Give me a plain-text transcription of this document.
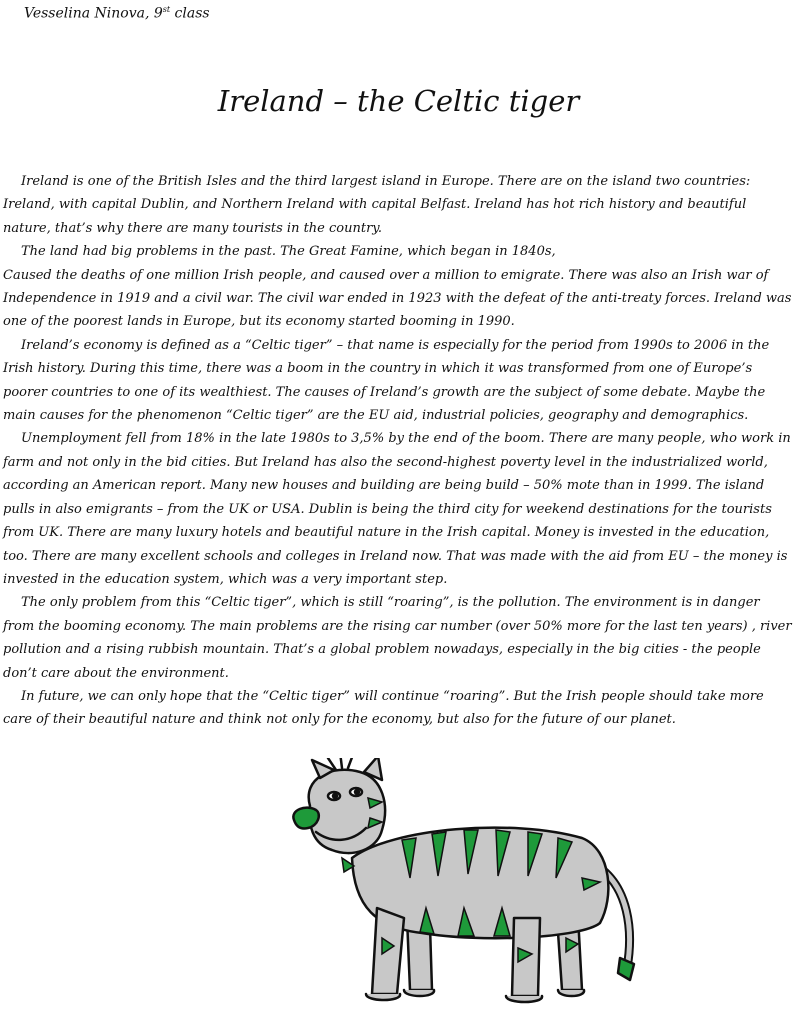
Vesselina Ninova, 9st class
Ireland – the Celtic tiger

Ireland is one of the British Isles and the third largest island in Europe. There are on the island two countries: Ireland, with capital Dublin, and Northern Ireland with capital Belfast. Ireland has hot rich history and beautiful nature, that’s why there are many tourists in the country.

The land had big problems in the past. The Great Famine, which began in 1840s,

Caused the deaths of one million Irish people, and caused over a million to emigrate. There was also an Irish war of Independence in 1919 and a civil war. The civil war ended in 1923 with the defeat of the anti-treaty forces. Ireland was one of the poorest lands in Europe, but its economy started booming in 1990.

Ireland’s economy is defined as a “Celtic tiger” – that name is especially for the period from 1990s to 2006 in the Irish history. During this time, there was a boom in the country in which it was transformed from one of Europe’s poorer countries to one of its wealthiest. The causes of Ireland’s growth are the subject of some debate. Maybe the main causes for the phenomenon “Celtic tiger” are the EU aid, industrial policies, geography and demographics.

Unemployment fell from 18% in the late 1980s to 3,5% by the end of the boom. There are many people, who work in farm and not only in the bid cities. But Ireland has also the second-highest poverty level in the industrialized world, according an American report. Many new houses and building are being build – 50% mote than in 1999. The island pulls in also emigrants – from the UK or USA. Dublin is being the third city for weekend destinations for the tourists from UK. There are many luxury hotels and beautiful nature in the Irish capital. Money is invested in the education, too. There are many excellent schools and colleges in Ireland now. That was made with the aid from EU – the money is invested in the education system, which was a very important step.

The only problem from this “Celtic tiger”, which is still “roaring”, is the pollution. The environment is in danger from the booming economy. The main problems are the rising car number (over 50% more for the last ten years) , river pollution and a rising rubbish mountain. That’s a global problem nowadays, especially in the big cities - the people don’t care about the environment.

In future, we can only hope that the “Celtic tiger” will continue “roaring”. But the Irish people should take more care of their beautiful nature and think not only for the economy, but also for the future of our planet.
